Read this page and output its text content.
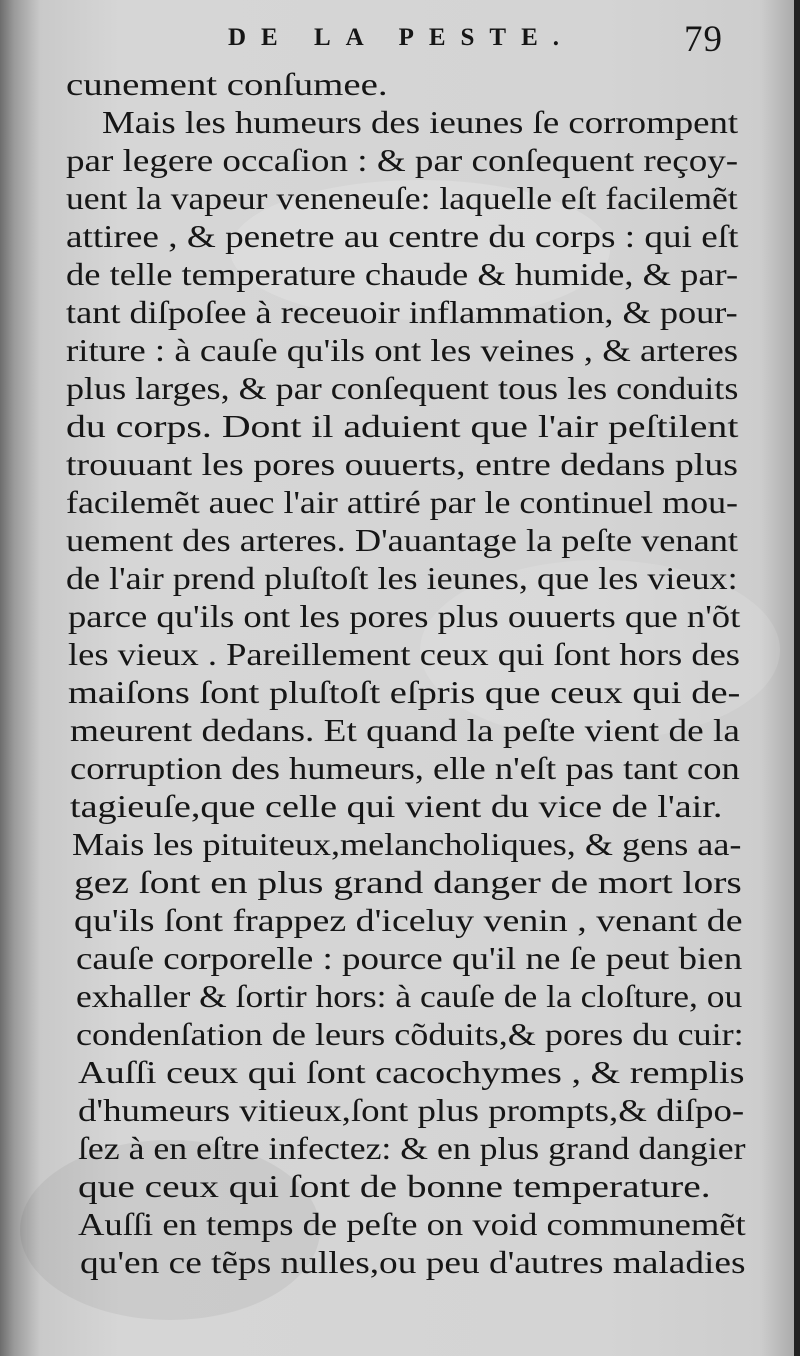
DE LA PESTE.	79
cunement conſumee.
Mais les humeurs des ieunes ſe corrompent
par legere occaſion : & par conſequent reçoy-
uent la vapeur veneneuſe: laquelle eſt facilemẽt
attiree , & penetre au centre du corps : qui eſt
de telle temperature chaude & humide, & par-
tant diſpoſee à receuoir inflammation, & pour-
riture : à cauſe qu'ils ont les veines , & arteres
plus larges, & par conſequent tous les conduits
du corps. Dont il aduient que l'air peſtilent
trouuant les pores ouuerts, entre dedans plus
facilemẽt auec l'air attiré par le continuel mou-
uement des arteres. D'auantage la peſte venant
de l'air prend pluſtoſt les ieunes, que les vieux:
parce qu'ils ont les pores plus ouuerts que n'õt
les vieux . Pareillement ceux qui ſont hors des
maiſons ſont pluſtoſt eſpris que ceux qui de-
meurent dedans. Et quand la peſte vient de la
corruption des humeurs, elle n'eſt pas tant con
tagieuſe,que celle qui vient du vice de l'air.
Mais les pituiteux,melancholiques, & gens aa-
gez ſont en plus grand danger de mort lors
qu'ils ſont frappez d'iceluy venin , venant de
cauſe corporelle : pource qu'il ne ſe peut bien
exhaller & ſortir hors: à cauſe de la cloſture, ou
condenſation de leurs cõduits,& pores du cuir:
Auſſi ceux qui ſont cacochymes , & remplis
d'humeurs vitieux,ſont plus prompts,& diſpo-
ſez à en eſtre infectez: & en plus grand dangier
que ceux qui ſont de bonne temperature.
Auſſi en temps de peſte on void communemẽt
qu'en ce tẽps nulles,ou peu d'autres maladies
